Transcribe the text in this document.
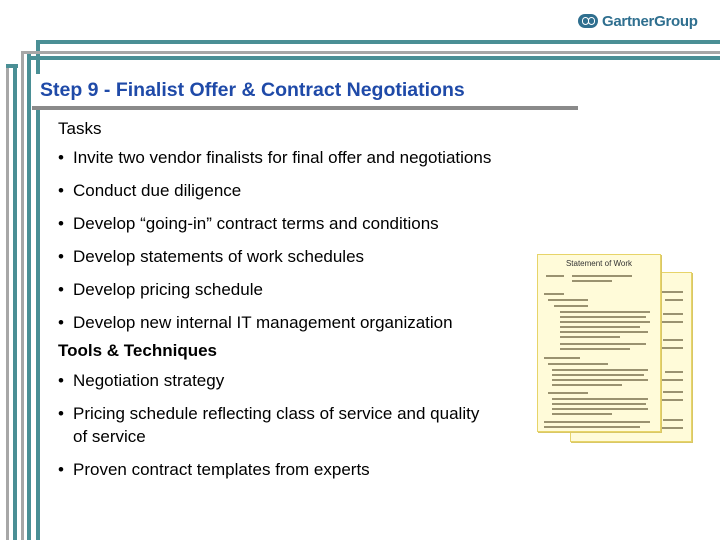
GartnerGroup
Step 9 - Finalist Offer & Contract Negotiations
Tasks
• Invite two vendor finalists for final offer and negotiations
• Conduct due diligence
• Develop “going-in” contract terms and conditions
• Develop statements of work schedules
• Develop pricing schedule
• Develop new internal IT management organization
Tools & Techniques
• Negotiation strategy
• Pricing schedule reflecting class of service and quality
of service
• Proven contract templates from experts
Statement of Work
